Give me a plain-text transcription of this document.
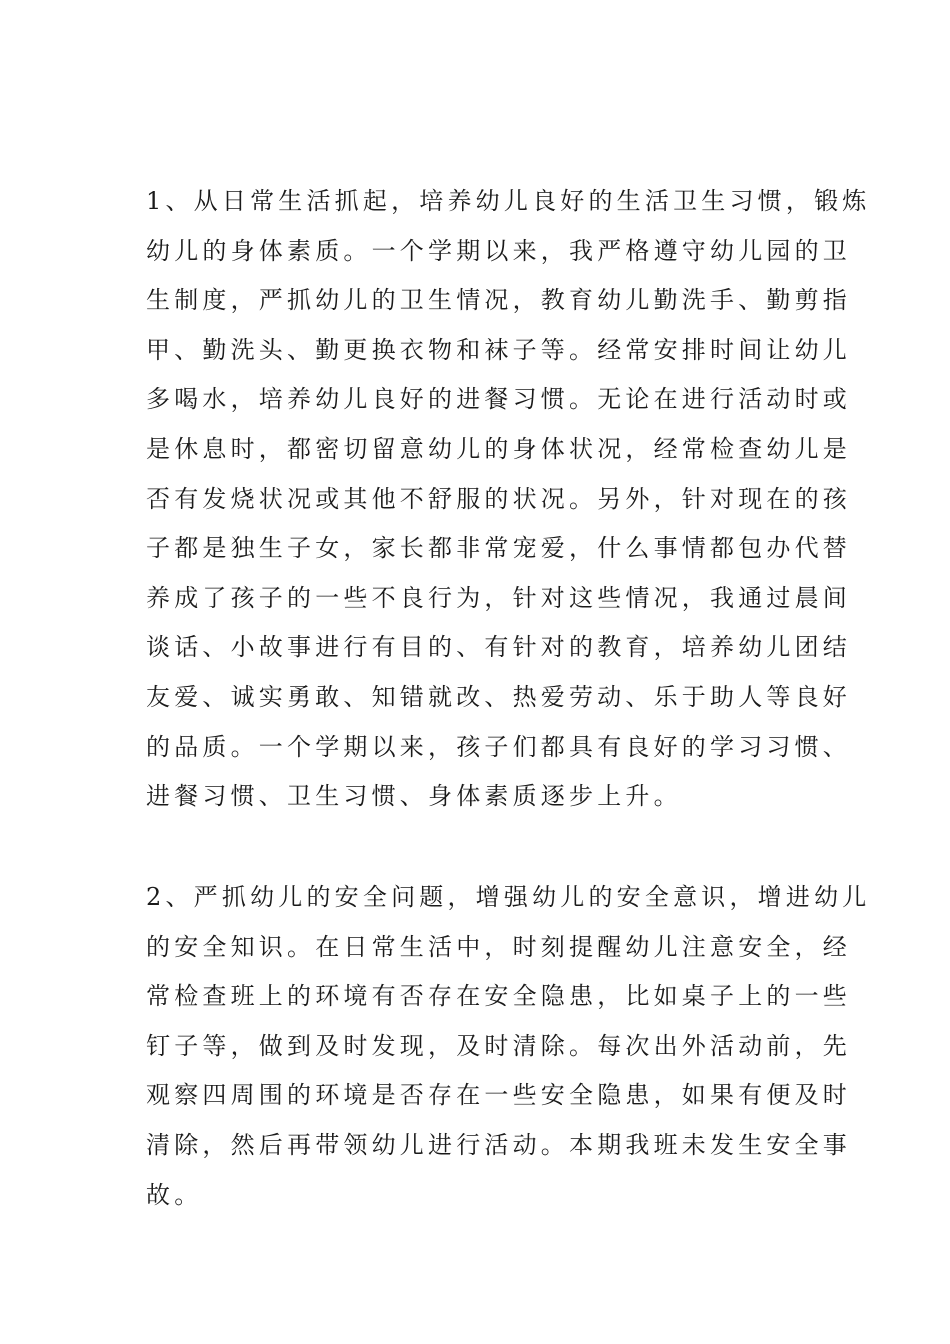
1、从日常生活抓起，培养幼儿良好的生活卫生习惯，锻炼
幼儿的身体素质。一个学期以来，我严格遵守幼儿园的卫
生制度，严抓幼儿的卫生情况，教育幼儿勤洗手、勤剪指
甲、勤洗头、勤更换衣物和袜子等。经常安排时间让幼儿
多喝水，培养幼儿良好的进餐习惯。无论在进行活动时或
是休息时，都密切留意幼儿的身体状况，经常检查幼儿是
否有发烧状况或其他不舒服的状况。另外，针对现在的孩
子都是独生子女，家长都非常宠爱，什么事情都包办代替
养成了孩子的一些不良行为，针对这些情况，我通过晨间
谈话、小故事进行有目的、有针对的教育，培养幼儿团结
友爱、诚实勇敢、知错就改、热爱劳动、乐于助人等良好
的品质。一个学期以来，孩子们都具有良好的学习习惯、
进餐习惯、卫生习惯、身体素质逐步上升。
2、严抓幼儿的安全问题，增强幼儿的安全意识，增进幼儿
的安全知识。在日常生活中，时刻提醒幼儿注意安全，经
常检查班上的环境有否存在安全隐患，比如桌子上的一些
钉子等，做到及时发现，及时清除。每次出外活动前，先
观察四周围的环境是否存在一些安全隐患，如果有便及时
清除，然后再带领幼儿进行活动。本期我班未发生安全事
故。
